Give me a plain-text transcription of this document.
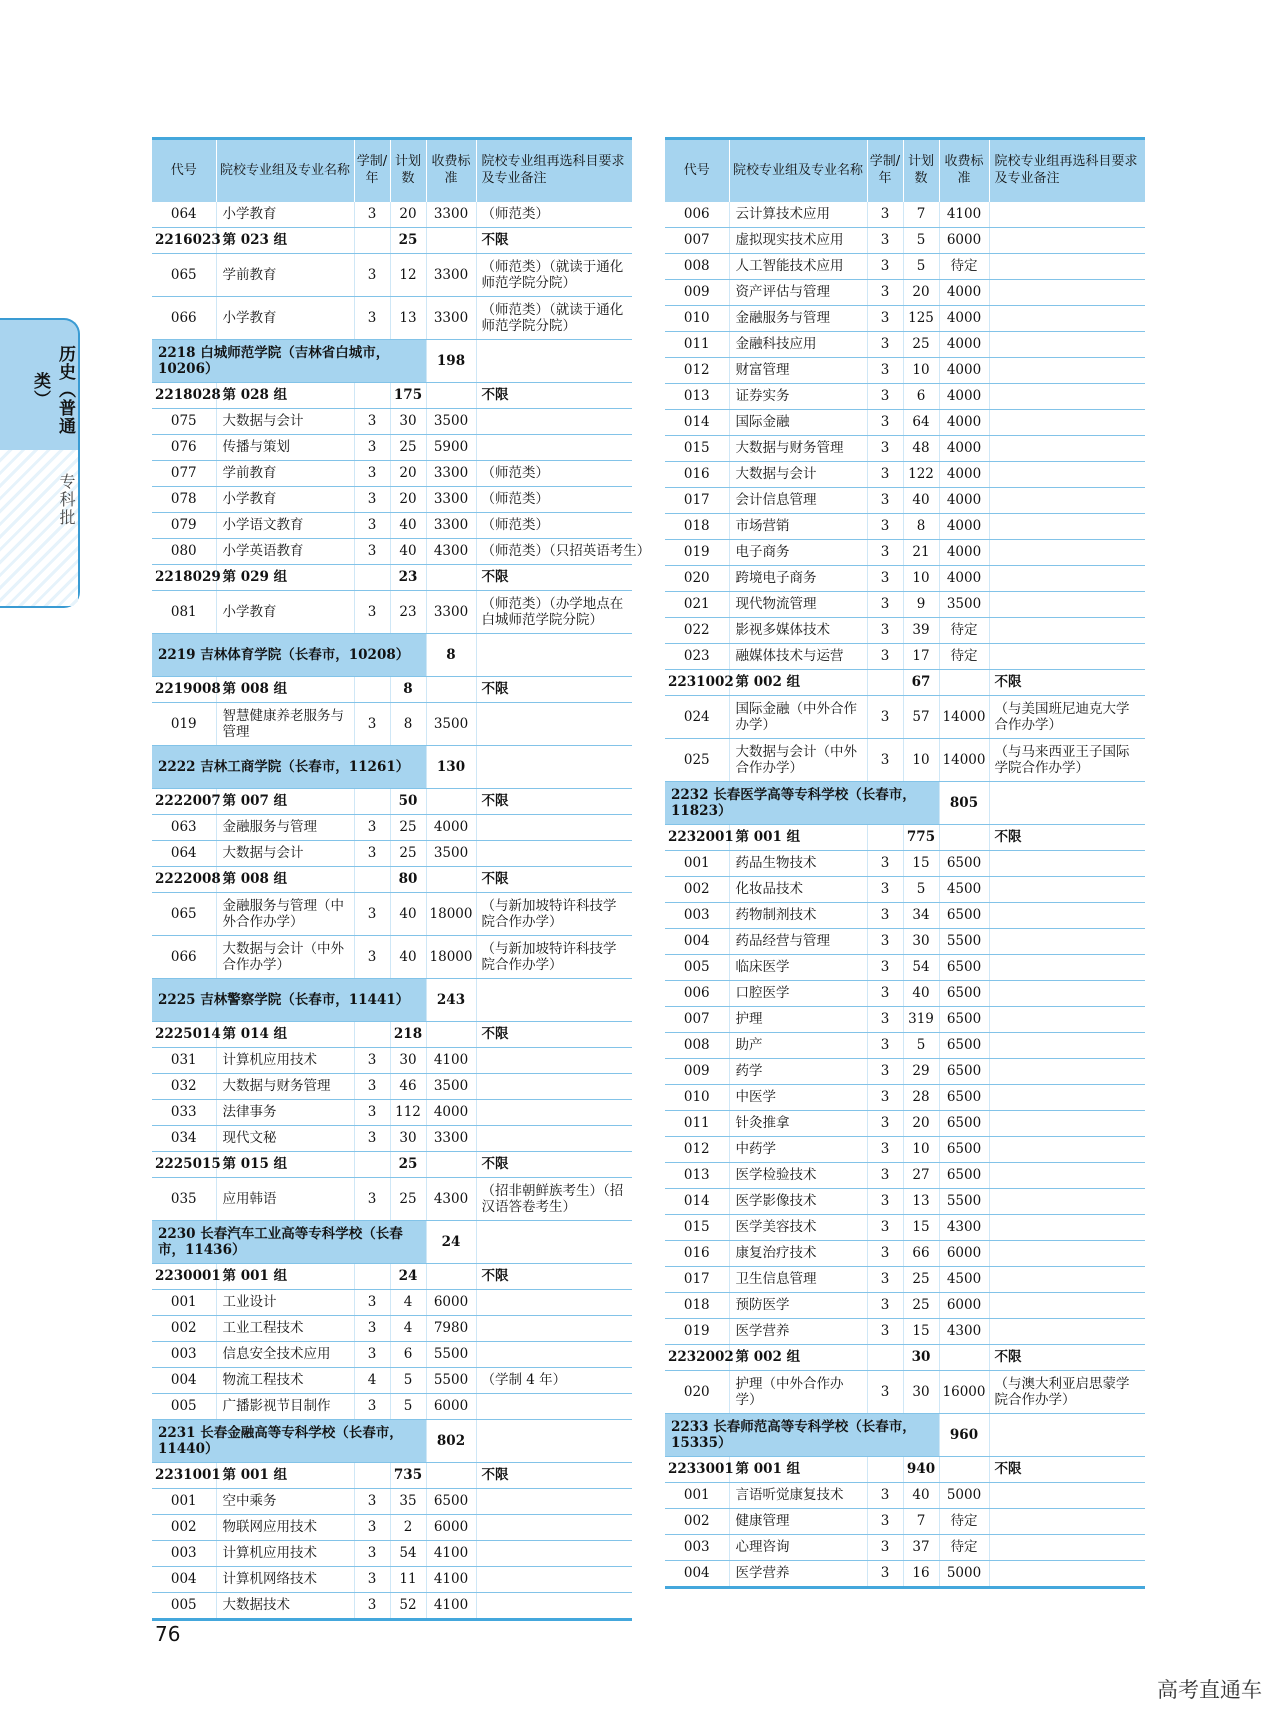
历史（普通类）
专科批
代号	院校专业组及专业名称	学制/年	计划数	收费标准	院校专业组再选科目要求及专业备注
064	小学教育	3	20	3300	（师范类）
2216023	第 023 组		25		不限
065	学前教育	3	12	3300	（师范类）（就读于通化师范学院分院）
066	小学教育	3	13	3300	（师范类）（就读于通化师范学院分院）
2218 白城师范学院（吉林省白城市，10206）				198	
2218028	第 028 组		175		不限
075	大数据与会计	3	30	3500	
076	传播与策划	3	25	5900	
077	学前教育	3	20	3300	（师范类）
078	小学教育	3	20	3300	（师范类）
079	小学语文教育	3	40	3300	（师范类）
080	小学英语教育	3	40	4300	（师范类）（只招英语考生）
2218029	第 029 组		23		不限
081	小学教育	3	23	3300	（师范类）（办学地点在白城师范学院分院）
2219 吉林体育学院（长春市，10208）				8	
2219008	第 008 组		8		不限
019	智慧健康养老服务与管理	3	8	3500	
2222 吉林工商学院（长春市，11261）				130	
2222007	第 007 组		50		不限
063	金融服务与管理	3	25	4000	
064	大数据与会计	3	25	3500	
2222008	第 008 组		80		不限
065	金融服务与管理（中外合作办学）	3	40	18000	（与新加坡特许科技学院合作办学）
066	大数据与会计（中外合作办学）	3	40	18000	（与新加坡特许科技学院合作办学）
2225 吉林警察学院（长春市，11441）				243	
2225014	第 014 组		218		不限
031	计算机应用技术	3	30	4100	
032	大数据与财务管理	3	46	3500	
033	法律事务	3	112	4000	
034	现代文秘	3	30	3300	
2225015	第 015 组		25		不限
035	应用韩语	3	25	4300	（招非朝鲜族考生）（招汉语答卷考生）
2230 长春汽车工业高等专科学校（长春市，11436）				24	
2230001	第 001 组		24		不限
001	工业设计	3	4	6000	
002	工业工程技术	3	4	7980	
003	信息安全技术应用	3	6	5500	
004	物流工程技术	4	5	5500	（学制 4 年）
005	广播影视节目制作	3	5	6000	
2231 长春金融高等专科学校（长春市，11440）				802	
2231001	第 001 组		735		不限
001	空中乘务	3	35	6500	
002	物联网应用技术	3	2	6000	
003	计算机应用技术	3	54	4100	
004	计算机网络技术	3	11	4100	
005	大数据技术	3	52	4100	
代号	院校专业组及专业名称	学制/年	计划数	收费标准	院校专业组再选科目要求及专业备注
006	云计算技术应用	3	7	4100	
007	虚拟现实技术应用	3	5	6000	
008	人工智能技术应用	3	5	待定	
009	资产评估与管理	3	20	4000	
010	金融服务与管理	3	125	4000	
011	金融科技应用	3	25	4000	
012	财富管理	3	10	4000	
013	证券实务	3	6	4000	
014	国际金融	3	64	4000	
015	大数据与财务管理	3	48	4000	
016	大数据与会计	3	122	4000	
017	会计信息管理	3	40	4000	
018	市场营销	3	8	4000	
019	电子商务	3	21	4000	
020	跨境电子商务	3	10	4000	
021	现代物流管理	3	9	3500	
022	影视多媒体技术	3	39	待定	
023	融媒体技术与运营	3	17	待定	
2231002	第 002 组		67		不限
024	国际金融（中外合作办学）	3	57	14000	（与美国班尼迪克大学合作办学）
025	大数据与会计（中外合作办学）	3	10	14000	（与马来西亚王子国际学院合作办学）
2232 长春医学高等专科学校（长春市，11823）				805	
2232001	第 001 组		775		不限
001	药品生物技术	3	15	6500	
002	化妆品技术	3	5	4500	
003	药物制剂技术	3	34	6500	
004	药品经营与管理	3	30	5500	
005	临床医学	3	54	6500	
006	口腔医学	3	40	6500	
007	护理	3	319	6500	
008	助产	3	5	6500	
009	药学	3	29	6500	
010	中医学	3	28	6500	
011	针灸推拿	3	20	6500	
012	中药学	3	10	6500	
013	医学检验技术	3	27	6500	
014	医学影像技术	3	13	5500	
015	医学美容技术	3	15	4300	
016	康复治疗技术	3	66	6000	
017	卫生信息管理	3	25	4500	
018	预防医学	3	25	6000	
019	医学营养	3	15	4300	
2232002	第 002 组		30		不限
020	护理（中外合作办学）	3	30	16000	（与澳大利亚启思蒙学院合作办学）
2233 长春师范高等专科学校（长春市，15335）				960	
2233001	第 001 组		940		不限
001	言语听觉康复技术	3	40	5000	
002	健康管理	3	7	待定	
003	心理咨询	3	37	待定	
004	医学营养	3	16	5000	
76
高考直通车
